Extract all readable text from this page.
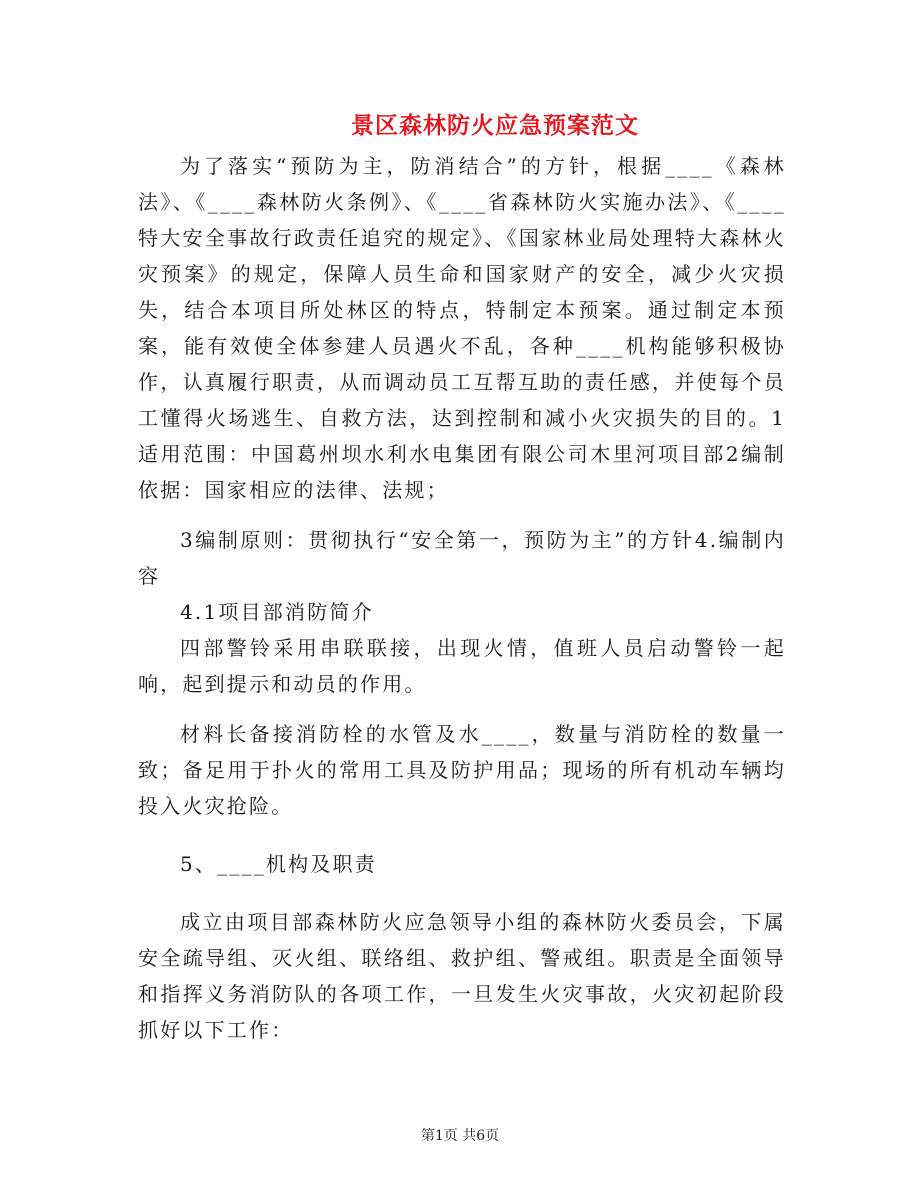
景区森林防火应急预案范文

为了落实“预防为主，防消结合”的方针，根据____《森林法》、《____森林防火条例》、《____省森林防火实施办法》、《____特大安全事故行政责任追究的规定》、《国家林业局处理特大森林火灾预案》的规定，保障人员生命和国家财产的安全，减少火灾损失，结合本项目所处林区的特点，特制定本预案。通过制定本预案，能有效使全体参建人员遇火不乱，各种____机构能够积极协作，认真履行职责，从而调动员工互帮互助的责任感，并使每个员工懂得火场逃生、自救方法，达到控制和减小火灾损失的目的。1适用范围：中国葛州坝水利水电集团有限公司木里河项目部2编制依据：国家相应的法律、法规；

3编制原则：贯彻执行“安全第一，预防为主”的方针4.编制内容

4.1项目部消防简介

四部警铃采用串联联接，出现火情，值班人员启动警铃一起响，起到提示和动员的作用。

材料长备接消防栓的水管及水____，数量与消防栓的数量一致；备足用于扑火的常用工具及防护用品；现场的所有机动车辆均投入火灾抢险。

5、____机构及职责

成立由项目部森林防火应急领导小组的森林防火委员会，下属安全疏导组、灭火组、联络组、救护组、警戒组。职责是全面领导和指挥义务消防队的各项工作，一旦发生火灾事故，火灾初起阶段抓好以下工作：

第1页 共6页
